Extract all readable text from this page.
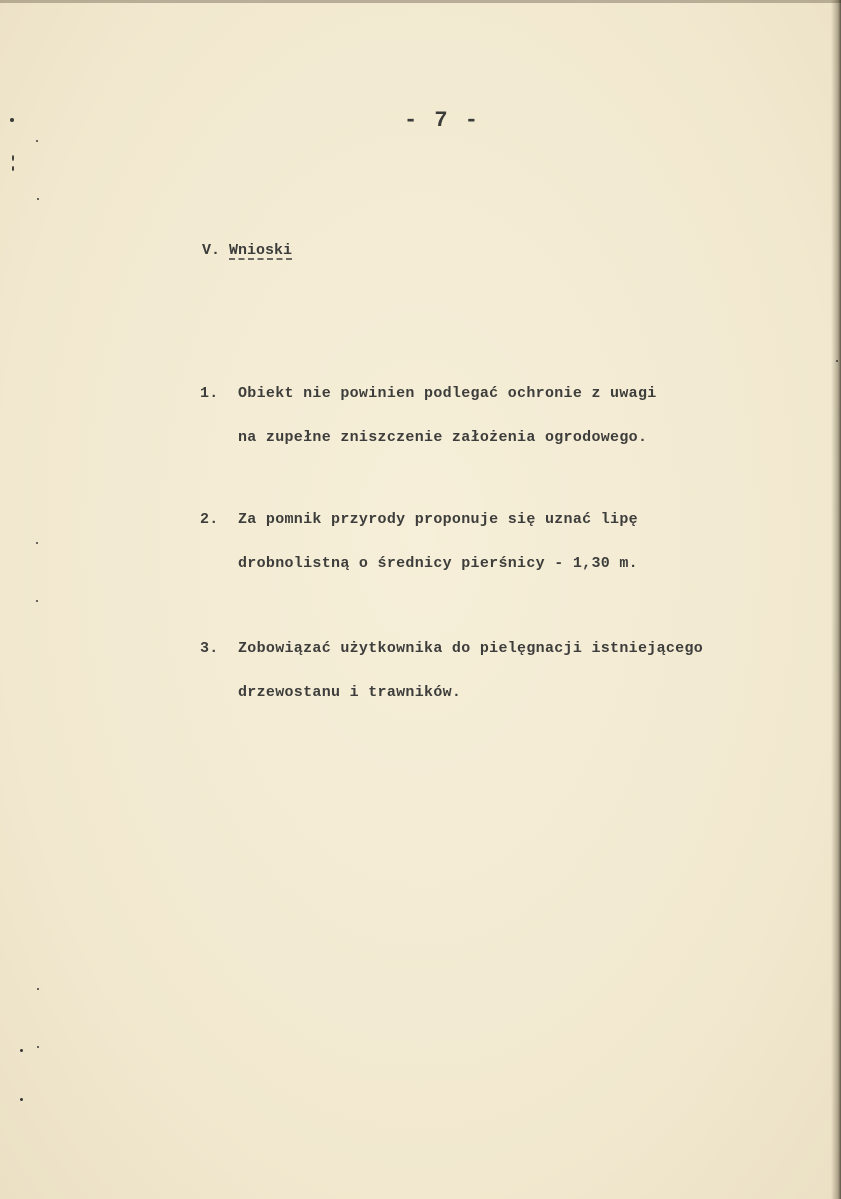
- 7 -
V. Wnioski
1. Obiekt nie powinien podlegać ochronie z uwagi
na zupełne zniszczenie założenia ogrodowego.
2. Za pomnik przyrody proponuje się uznać lipę
drobnolistną o średnicy pierśnicy - 1,30 m.
3. Zobowiązać użytkownika do pielęgnacji istniejącego
drzewostanu i trawników.
